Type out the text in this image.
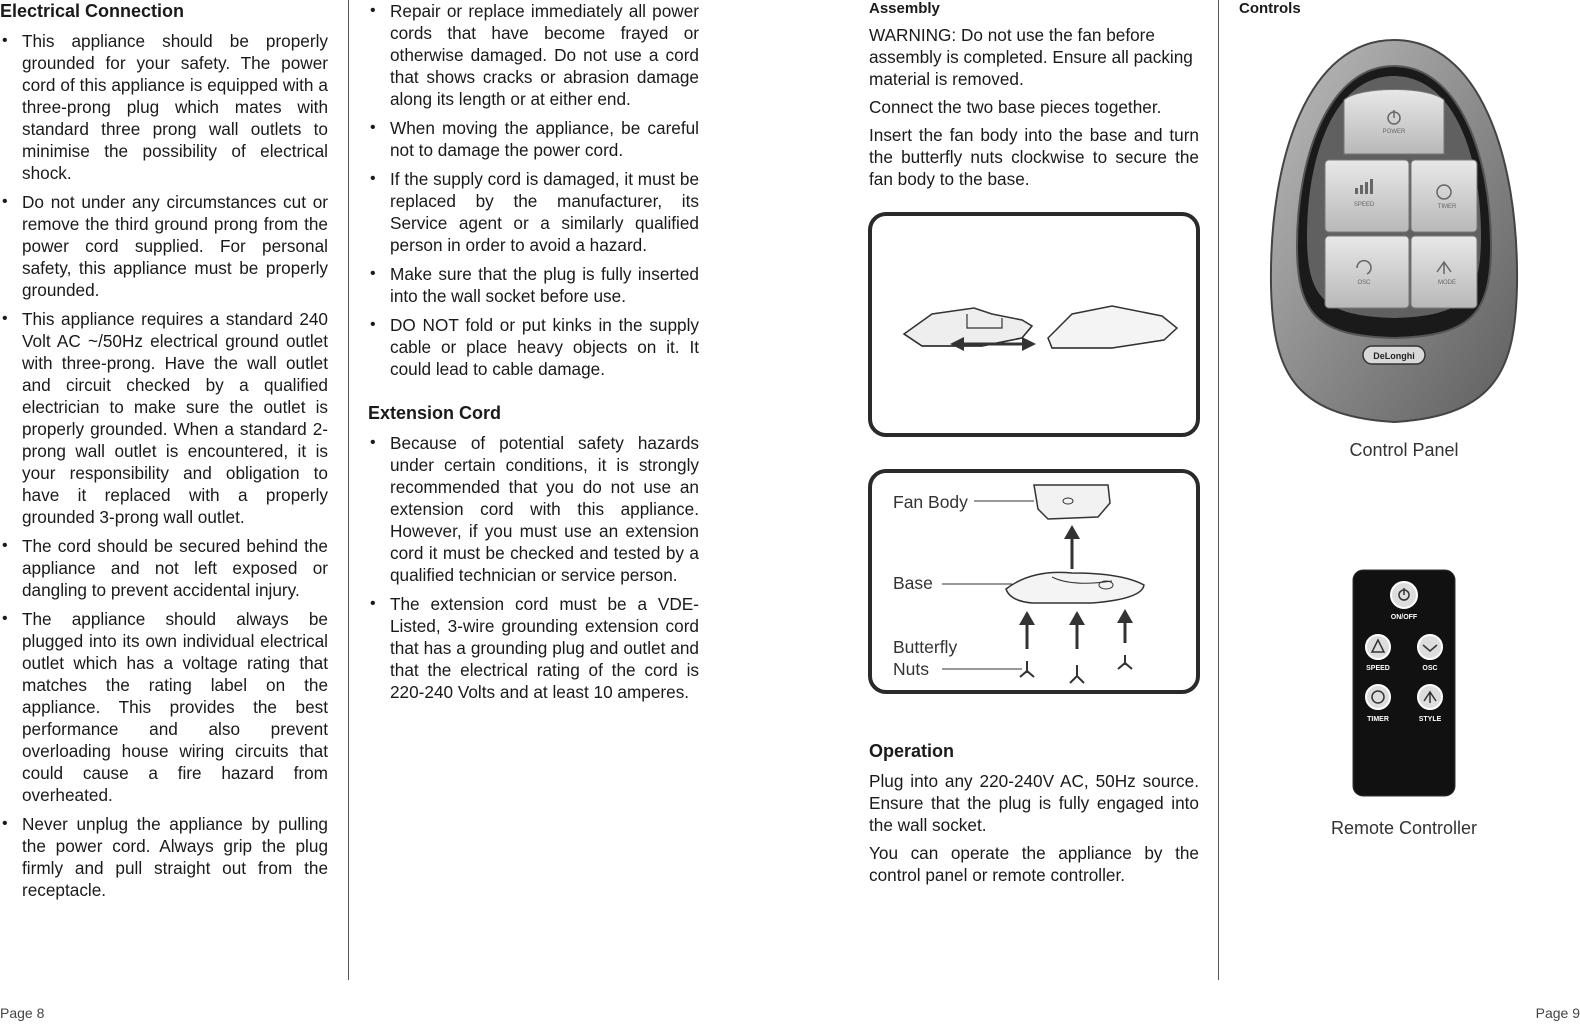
Electrical Connection
• This appliance should be properly grounded for your safety. The power cord of this appliance is equipped with a three-prong plug which mates with standard three prong wall outlets to minimise the possibility of electrical shock.
• Do not under any circumstances cut or remove the third ground prong from the power cord supplied. For personal safety, this appliance must be properly grounded.
• This appliance requires a standard 240 Volt AC ~/50Hz electrical ground outlet with three-prong. Have the wall outlet and circuit checked by a qualified electrician to make sure the outlet is properly grounded. When a standard 2-prong wall outlet is encountered, it is your responsibility and obligation to have it replaced with a properly grounded 3-prong wall outlet.
• The cord should be secured behind the appliance and not left exposed or dangling to prevent accidental injury.
• The appliance should always be plugged into its own individual electrical outlet which has a voltage rating that matches the rating label on the appliance. This provides the best performance and also prevent overloading house wiring circuits that could cause a fire hazard from overheated.
• Never unplug the appliance by pulling the power cord. Always grip the plug firmly and pull straight out from the receptacle.
• Repair or replace immediately all power cords that have become frayed or otherwise damaged. Do not use a cord that shows cracks or abrasion damage along its length or at either end.
• When moving the appliance, be careful not to damage the power cord.
• If the supply cord is damaged, it must be replaced by the manufacturer, its Service agent or a similarly qualified person in order to avoid a hazard.
• Make sure that the plug is fully inserted into the wall socket before use.
• DO NOT fold or put kinks in the supply cable or place heavy objects on it. It could lead to cable damage.
Extension Cord
• Because of potential safety hazards under certain conditions, it is strongly recommended that you do not use an extension cord with this appliance. However, if you must use an extension cord it must be checked and tested by a qualified technician or service person.
• The extension cord must be a VDE-Listed, 3-wire grounding extension cord that has a grounding plug and outlet and that the electrical rating of the cord is 220-240 Volts and at least 10 amperes.
Assembly

WARNING: Do not use the fan before assembly is completed. Ensure all packing material is removed.

Connect the two base pieces together.

Insert the fan body into the base and turn the butterfly nuts clockwise to secure the fan body to the base.

Fan Body
Base
Butterfly
Nuts
Operation

Plug into any 220-240V AC, 50Hz source. Ensure that the plug is fully engaged into the wall socket.

You can operate the appliance by the control panel or remote controller.

Controls
POWER
SPEED	TIMER
OSC	MODE
DeLonghi
Control Panel
ON/OFF
SPEED	OSC
TIMER	STYLE
Remote Controller
Page 8	Page 9
